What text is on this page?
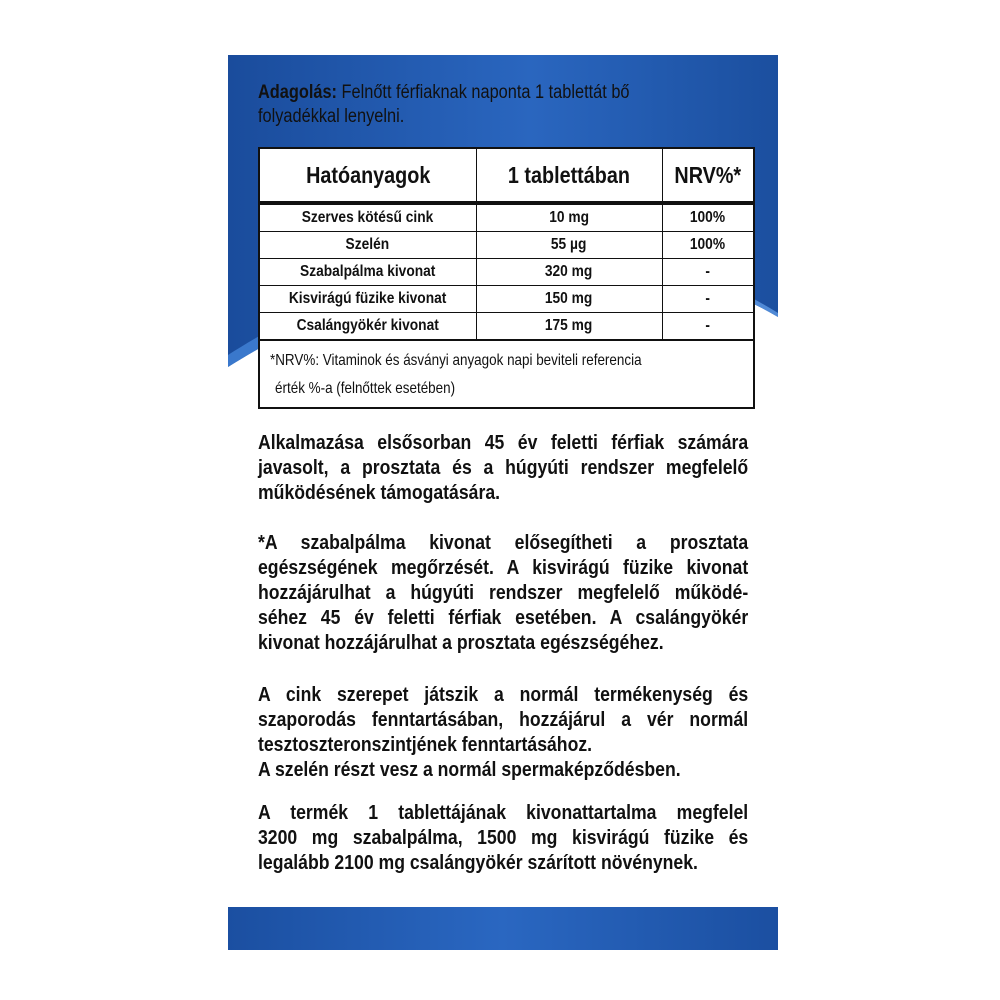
Adagolás: Felnőtt férfiaknak naponta 1 tablettát bő
folyadékkal lenyelni.
Hatóanyagok	1 tablettában	NRV%*
Szerves kötésű cink	10 mg	100%
Szelén	55 µg	100%
Szabalpálma kivonat	320 mg	-
Kisvirágú füzike kivonat	150 mg	-
Csalángyökér kivonat	175 mg	-
*NRV%: Vitaminok és ásványi anyagok napi beviteli referencia
érték %-a (felnőttek esetében)
Alkalmazása elsősorban 45 év feletti férfiak számára
javasolt, a prosztata és a húgyúti rendszer megfelelő
működésének támogatására.
*A szabalpálma kivonat elősegítheti a prosztata
egészségének megőrzését. A kisvirágú füzike kivonat
hozzájárulhat a húgyúti rendszer megfelelő működé-
séhez 45 év feletti férfiak esetében. A csalángyökér
kivonat hozzájárulhat a prosztata egészségéhez.
A cink szerepet játszik a normál termékenység és
szaporodás fenntartásában, hozzájárul a vér normál
tesztoszteronszintjének fenntartásához.
A szelén részt vesz a normál spermaképződésben.
A termék 1 tablettájának kivonattartalma megfelel
3200 mg szabalpálma, 1500 mg kisvirágú füzike és
legalább 2100 mg csalángyökér szárított növénynek.
